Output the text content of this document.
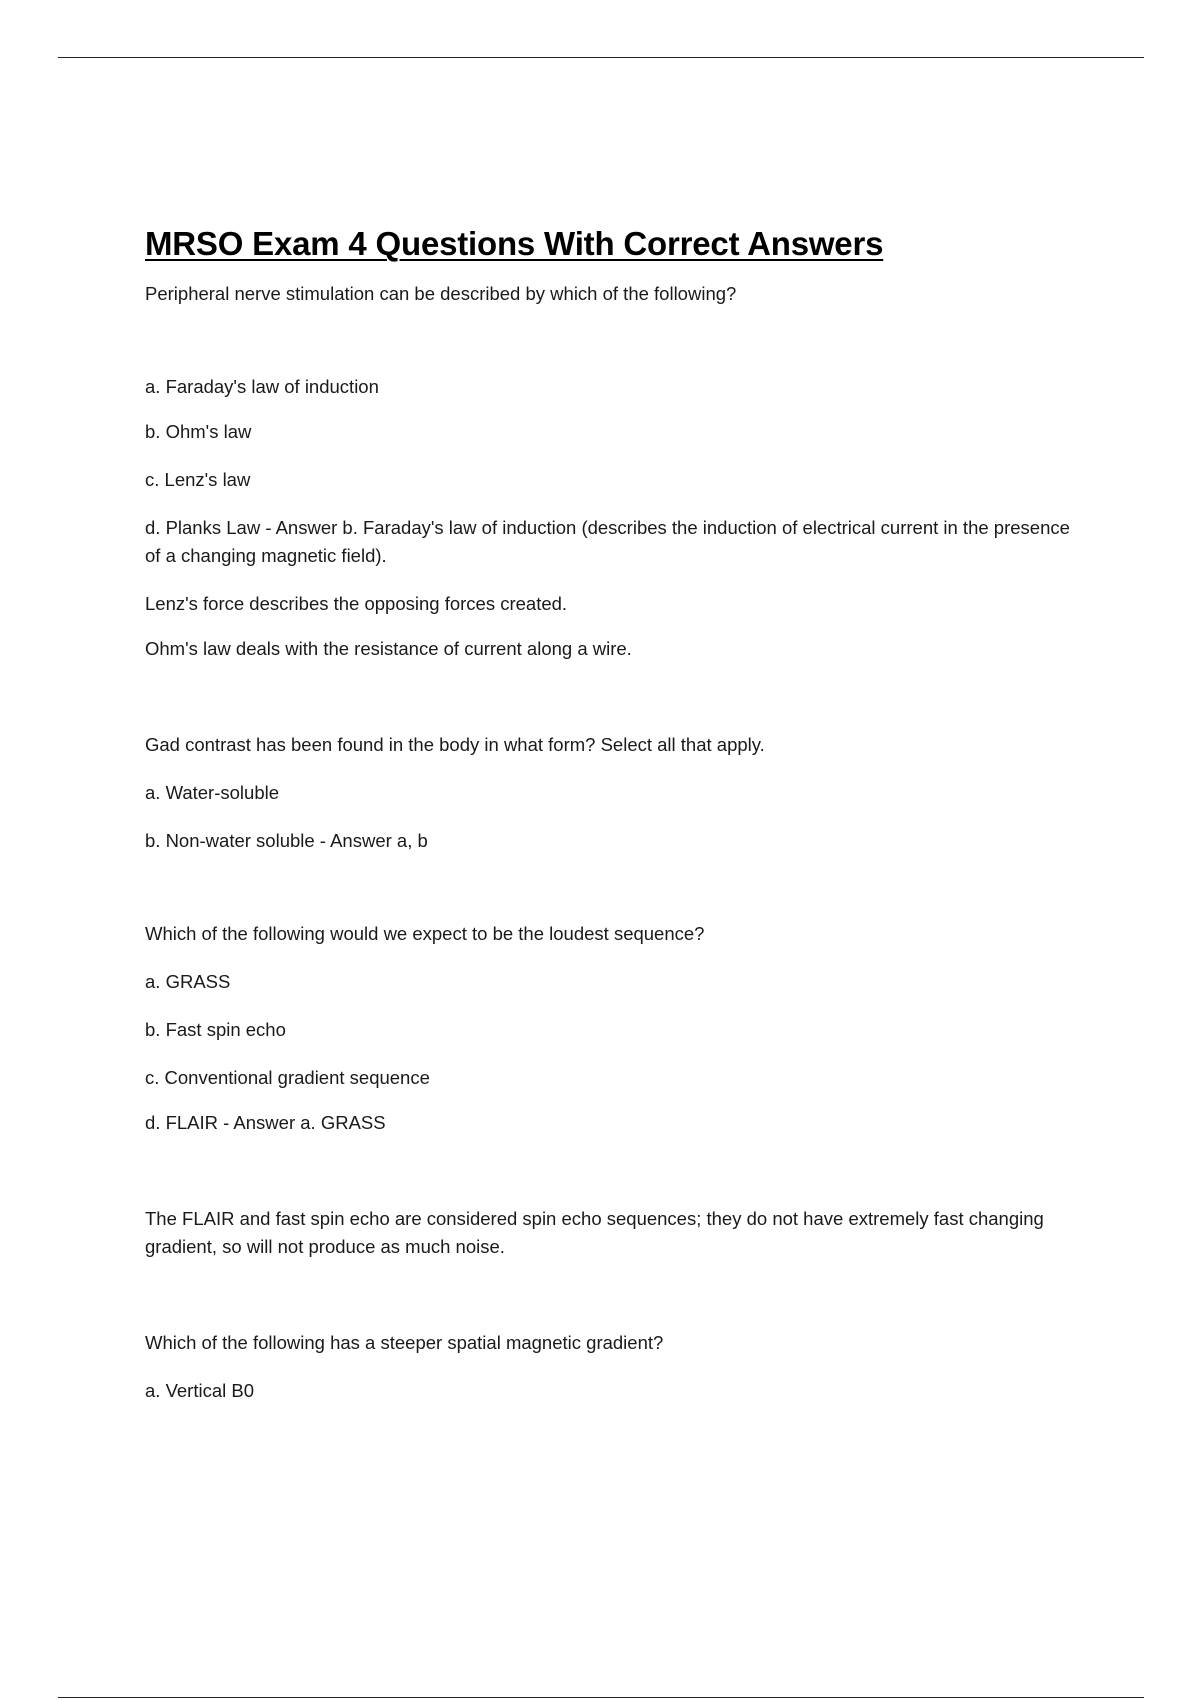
MRSO Exam 4 Questions With Correct Answers

Peripheral nerve stimulation can be described by which of the following?

a. Faraday's law of induction

b. Ohm's law

c. Lenz's law

d. Planks Law - Answer b. Faraday's law of induction (describes the induction of electrical current in the presence of a changing magnetic field).

Lenz's force describes the opposing forces created.

Ohm's law deals with the resistance of current along a wire.

Gad contrast has been found in the body in what form? Select all that apply.

a. Water-soluble

b. Non-water soluble - Answer a, b

Which of the following would we expect to be the loudest sequence?

a. GRASS

b. Fast spin echo

c. Conventional gradient sequence

d. FLAIR - Answer a. GRASS

The FLAIR and fast spin echo are considered spin echo sequences; they do not have extremely fast changing gradient, so will not produce as much noise.

Which of the following has a steeper spatial magnetic gradient?

a. Vertical B0
